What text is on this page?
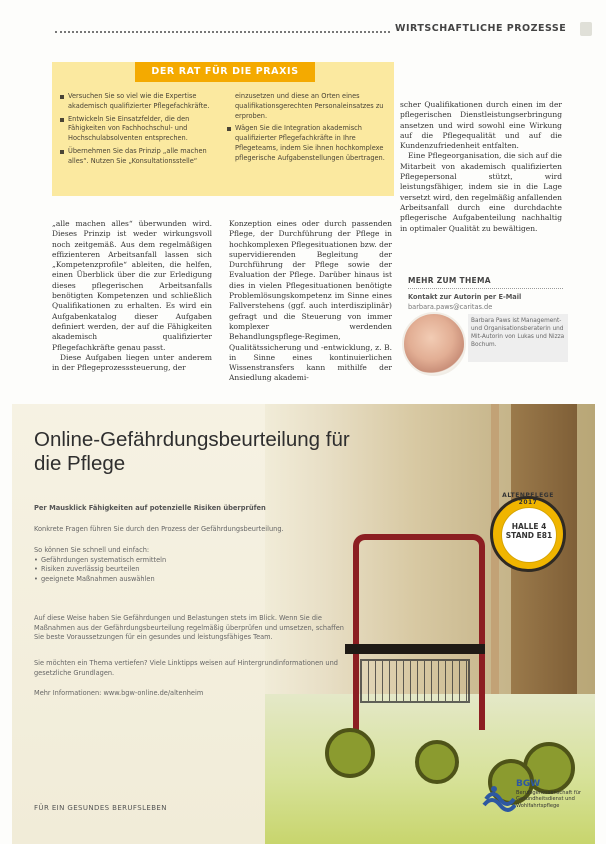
WIRTSCHAFTLICHE PROZESSE
DER RAT FÜR DIE PRAXIS
Versuchen Sie so viel wie die Expertise akademisch qualifizierter Pflegefachkräfte.
Entwickeln Sie Einsatzfelder, die den Fähigkeiten von Fachhochschul- und Hochschulabsolventen entsprechen.
Übernehmen Sie das Prinzip „alle machen alles“. Nutzen Sie „Konsultationsstelle“
einzusetzen und diese an Orten eines qualifikationsgerechten Personaleinsatzes zu erproben.
Wägen Sie die Integration akademisch qualifizierter Pflegefachkräfte in Ihre Pflegeteams, indem Sie ihnen hochkomplexe pflegerische Aufgabenstellungen übertragen.

„alle machen alles“ überwunden wird. Dieses Prinzip ist weder wirkungsvoll noch zeitgemäß. Aus dem regelmäßigen effizienteren Arbeitsanfall lassen sich „Kompetenzprofile“ ableiten, die helfen, einen Überblick über die zur Erledigung dieses pflegerischen Arbeitsanfalls benötigten Kompetenzen und schließlich Qualifikationen zu erhalten. Es wird ein Aufgabenkatalog dieser Aufgaben definiert werden, der auf die Fähigkeiten akademisch qualifizierter Pflegefachkräfte genau passt.

Diese Aufgaben liegen unter anderem in der Pflegeprozesssteuerung, der

Konzeption eines oder durch passenden Pflege, der Durchführung der Pflege in hochkomplexen Pflegesituationen bzw. der supervidierenden Begleitung der Durchführung der Pflege sowie der Evaluation der Pflege. Darüber hinaus ist dies in vielen Pflegesituationen benötigte Problemlösungskompetenz im Sinne eines Fallverstehens (ggf. auch interdisziplinär) gefragt und die Steuerung von immer komplexer werdenden Behandlungspflege-Regimen, Qualitätssicherung und -entwicklung, z. B. in Sinne eines kontinuierlichen Wissenstransfers kann mithilfe der Ansiedlung akademi-

scher Qualifikationen durch einen im der pflegerischen Dienstleistungserbringung ansetzen und wird sowohl eine Wirkung auf die Pflegequalität und auf die Kundenzufriedenheit entfalten.

Eine Pflegeorganisation, die sich auf die Mitarbeit von akademisch qualifizierten Pflegepersonal stützt, wird leistungsfähiger, indem sie in die Lage versetzt wird, den regelmäßig anfallenden Arbeitsanfall durch eine durchdachte pflegerische Aufgabenteilung nachhaltig in optimaler Qualität zu bewältigen.

MEHR ZUM THEMA
Kontakt zur Autorin per E-Mail
barbara.paws@caritas.de
Barbara Paws ist Management- und Organisationsberaterin und Mit-Autorin von Lukas und Nizza Bochum.
Online-Gefährdungsbeurteilung für die Pflege
Per Mausklick Fähigkeiten auf potenzielle Risiken überprüfen
Konkrete Fragen führen Sie durch den Prozess der Gefährdungsbeurteilung.
So können Sie schnell und einfach:
• Gefährdungen systematisch ermitteln
• Risiken zuverlässig beurteilen
• geeignete Maßnahmen auswählen
Auf diese Weise haben Sie Gefährdungen und Belastungen stets im Blick. Wenn Sie die Maßnahmen aus der Gefährdungsbeurteilung regelmäßig überprüfen und umsetzen, schaffen Sie beste Voraussetzungen für ein gesundes und leistungsfähiges Team.
Sie möchten ein Thema vertiefen? Viele Linktipps weisen auf Hintergrundinformationen und gesetzliche Grundlagen.
Mehr Informationen: www.bgw-online.de/altenheim
ALTENPFLEGE 2017
HALLE 4 STAND E81
BGW
Berufsgenossenschaft für Gesundheitsdienst und Wohlfahrtspflege
FÜR EIN GESUNDES BERUFSLEBEN
